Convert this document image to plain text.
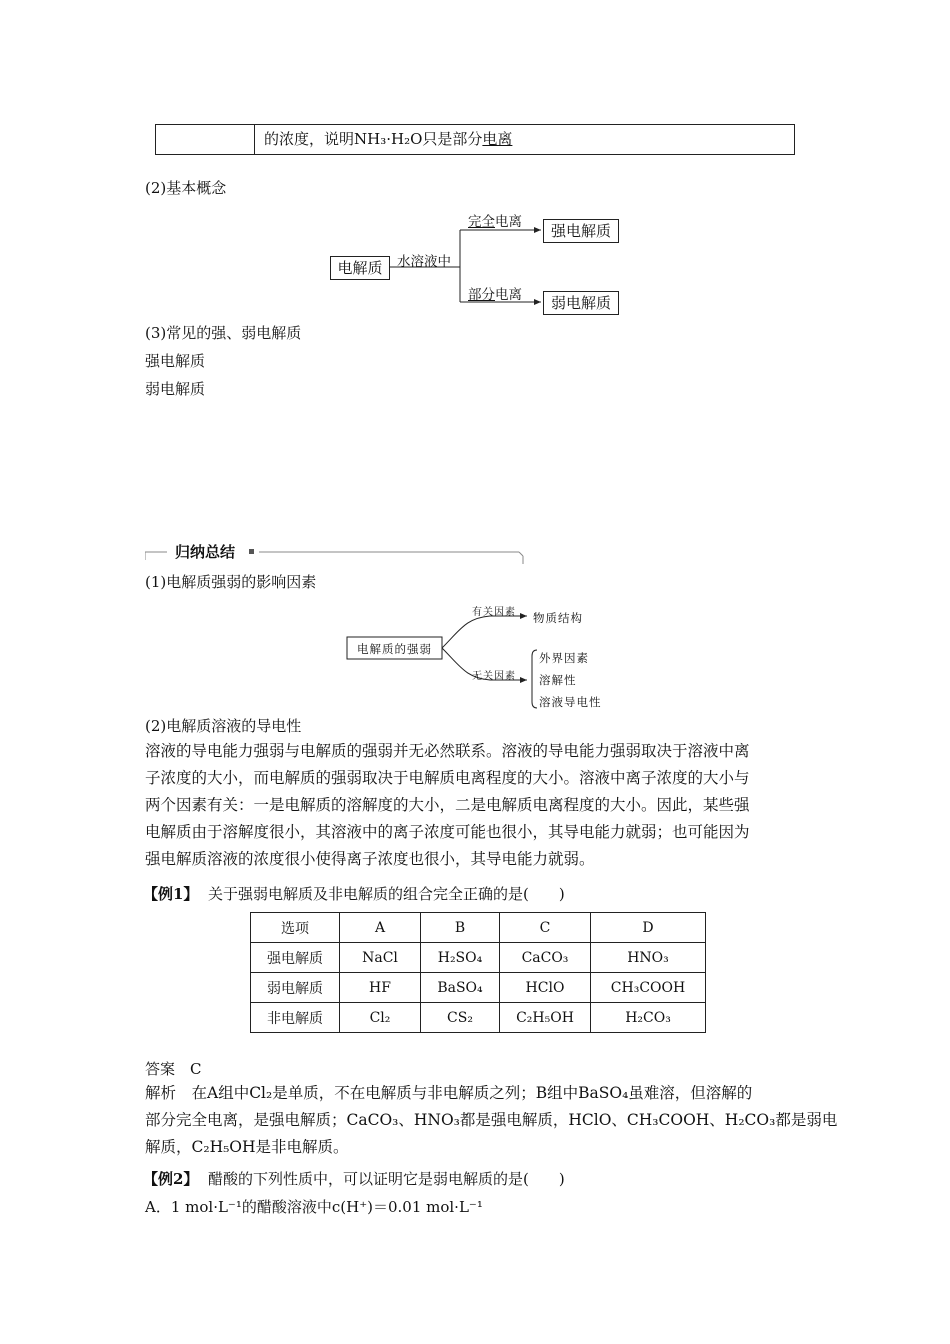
的浓度，说明NH₃·H₂O只是部分电离
(2)基本概念
电解质	水溶液中
完全电离	强电解质
部分电离	弱电解质
(3)常见的强、弱电解质
强电解质
弱电解质
归纳总结
(1)电解质强弱的影响因素
电解质的强弱
有关因素 物质结构
无关因素
外界因素
溶解性
溶液导电性
(2)电解质溶液的导电性
溶液的导电能力强弱与电解质的强弱并无必然联系。溶液的导电能力强弱取决于溶液中离
子浓度的大小，而电解质的强弱取决于电解质电离程度的大小。溶液中离子浓度的大小与
两个因素有关：一是电解质的溶解度的大小，二是电解质电离程度的大小。因此，某些强
电解质由于溶解度很小，其溶液中的离子浓度可能也很小，其导电能力就弱；也可能因为
强电解质溶液的浓度很小使得离子浓度也很小，其导电能力就弱。
【例1】 关于强弱电解质及非电解质的组合完全正确的是(　　)
选项	A	B	C	D
强电解质	NaCl	H₂SO₄	CaCO₃	HNO₃
弱电解质	HF	BaSO₄	HClO	CH₃COOH
非电解质	Cl₂	CS₂	C₂H₅OH	H₂CO₃
答案　C
解析　在A组中Cl₂是单质，不在电解质与非电解质之列；B组中BaSO₄虽难溶，但溶解的
部分完全电离，是强电解质；CaCO₃、HNO₃都是强电解质，HClO、CH₃COOH、H₂CO₃都是弱电
解质，C₂H₅OH是非电解质。
【例2】 醋酸的下列性质中，可以证明它是弱电解质的是(　　)
A．1 mol·L⁻¹的醋酸溶液中c(H⁺)＝0.01 mol·L⁻¹
